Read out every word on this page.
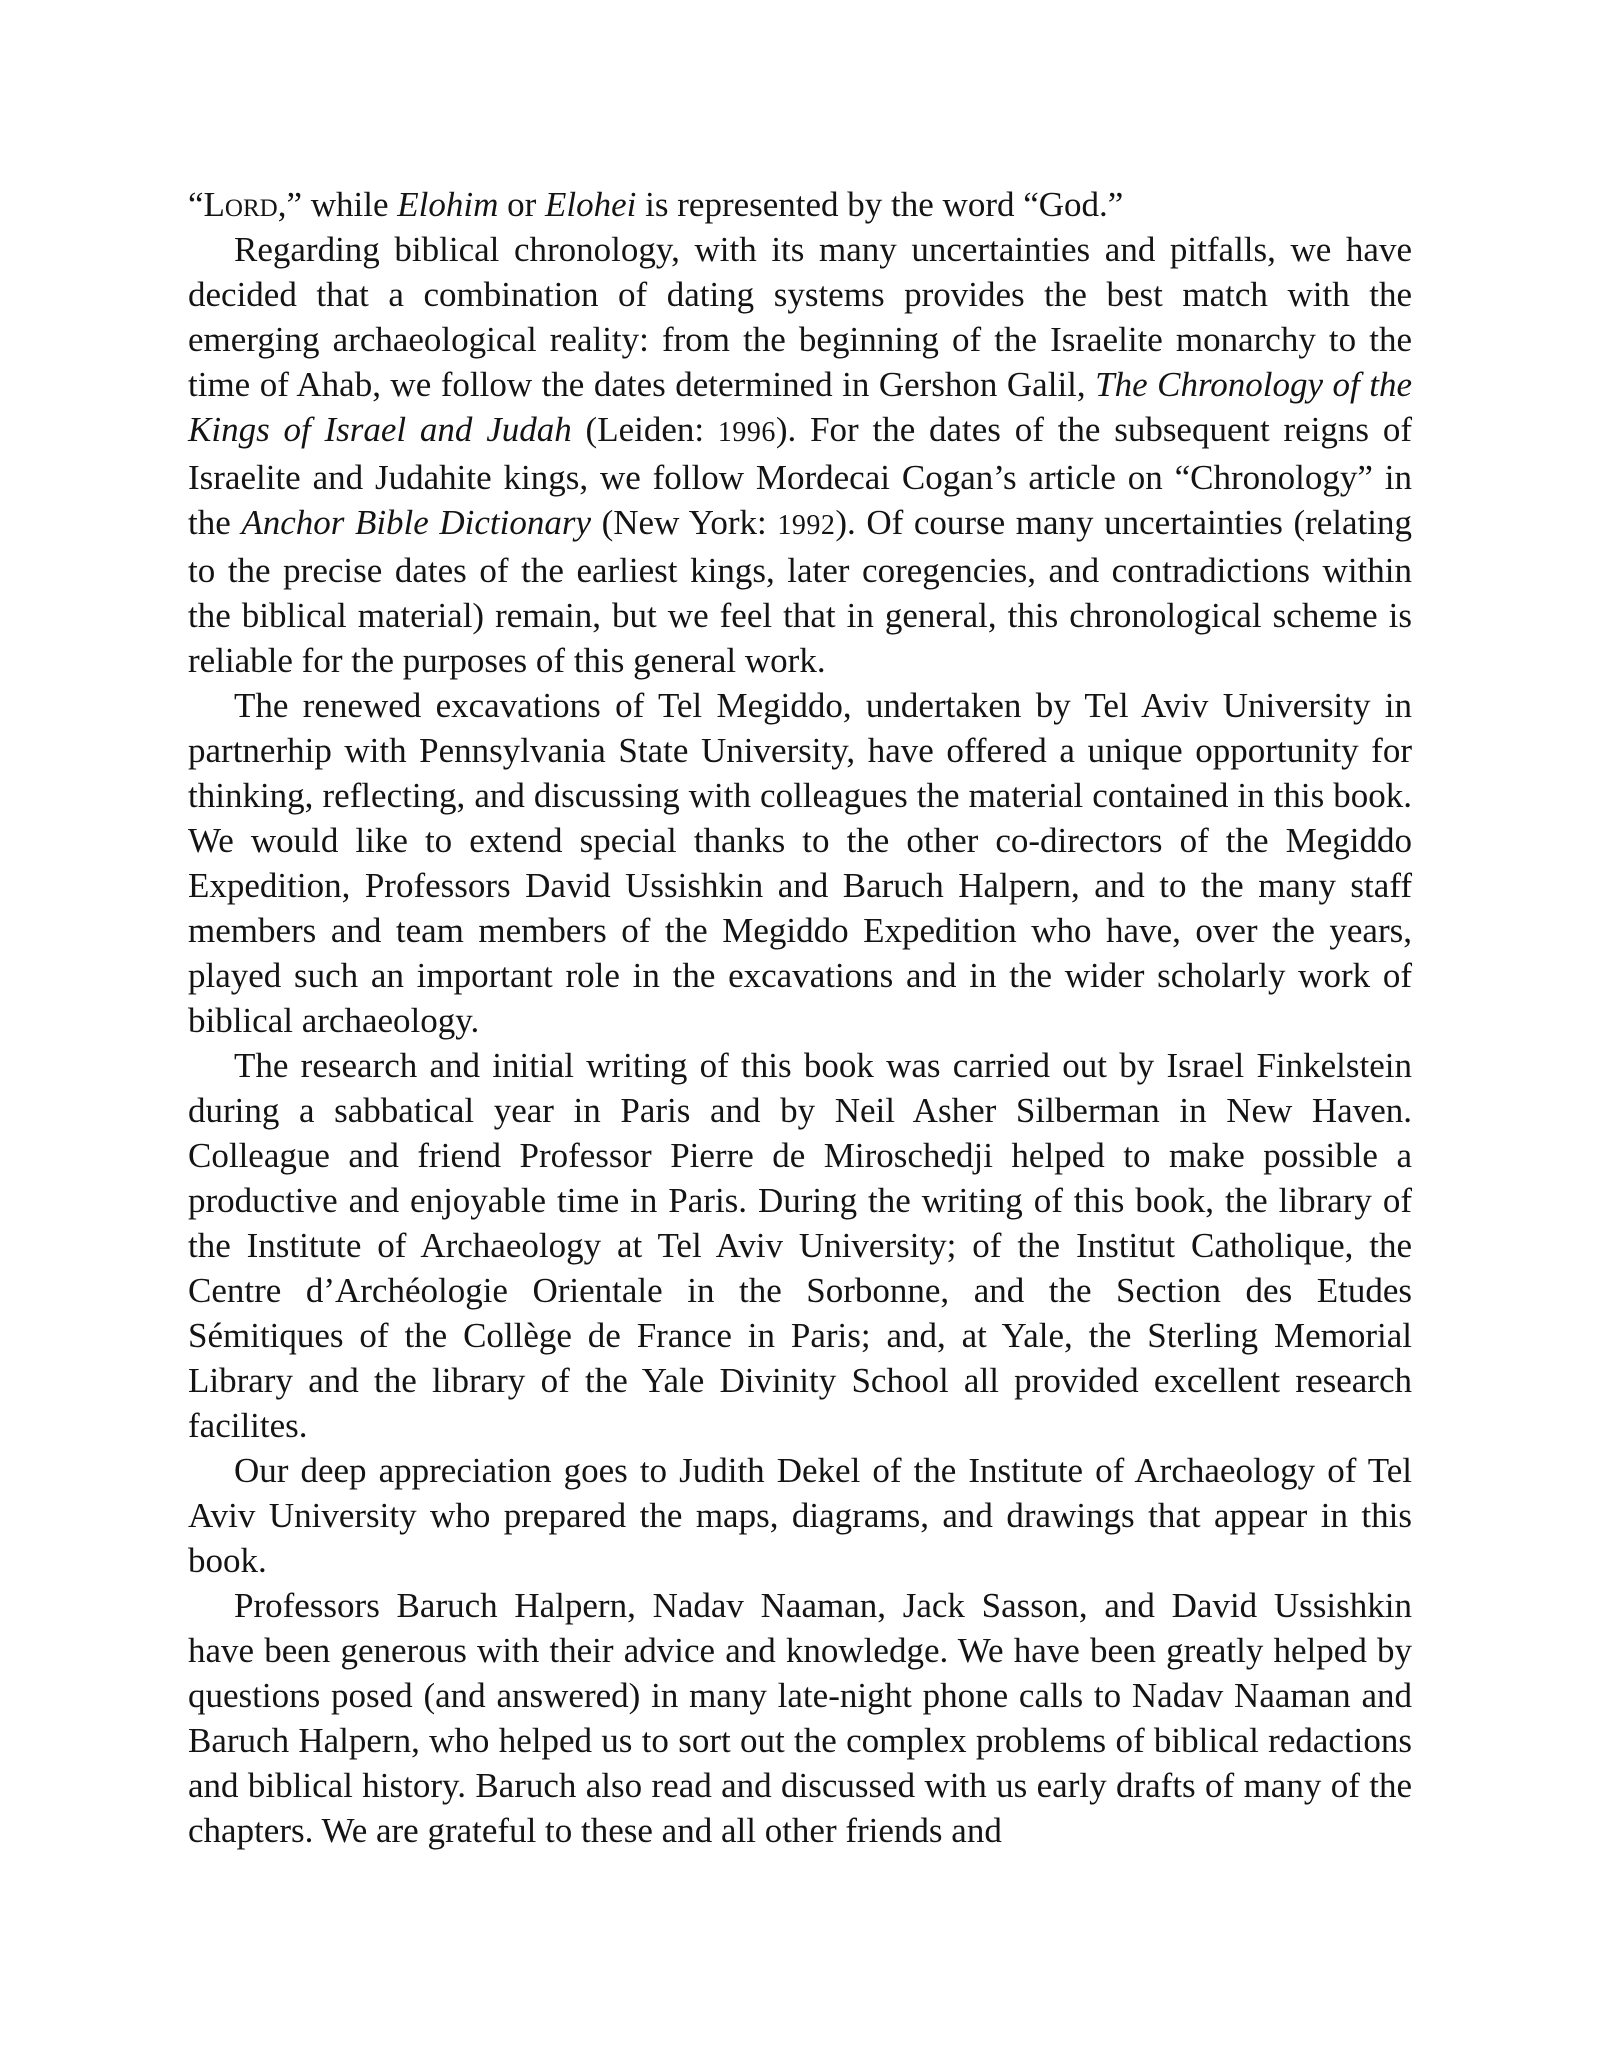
“Lord,” while Elohim or Elohei is represented by the word “God.”

Regarding biblical chronology, with its many uncertainties and pitfalls, we have decided that a combination of dating systems provides the best match with the emerging archaeological reality: from the beginning of the Israelite monarchy to the time of Ahab, we follow the dates determined in Gershon Galil, The Chronology of the Kings of Israel and Judah (Leiden: 1996). For the dates of the subsequent reigns of Israelite and Judahite kings, we follow Mordecai Cogan’s article on “Chronology” in the Anchor Bible Dictionary (New York: 1992). Of course many uncertainties (relating to the precise dates of the earliest kings, later coregencies, and contradictions within the biblical material) remain, but we feel that in general, this chronological scheme is reliable for the purposes of this general work.

The renewed excavations of Tel Megiddo, undertaken by Tel Aviv University in partnerhip with Pennsylvania State University, have offered a unique opportunity for thinking, reflecting, and discussing with colleagues the material contained in this book. We would like to extend special thanks to the other co-directors of the Megiddo Expedition, Professors David Ussishkin and Baruch Halpern, and to the many staff members and team members of the Megiddo Expedition who have, over the years, played such an important role in the excavations and in the wider scholarly work of biblical archaeology.

The research and initial writing of this book was carried out by Israel Finkelstein during a sabbatical year in Paris and by Neil Asher Silberman in New Haven. Colleague and friend Professor Pierre de Miroschedji helped to make possible a productive and enjoyable time in Paris. During the writing of this book, the library of the Institute of Archaeology at Tel Aviv University; of the Institut Catholique, the Centre d’Archéologie Orientale in the Sorbonne, and the Section des Etudes Sémitiques of the Collège de France in Paris; and, at Yale, the Sterling Memorial Library and the library of the Yale Divinity School all provided excellent research facilites.

Our deep appreciation goes to Judith Dekel of the Institute of Archaeology of Tel Aviv University who prepared the maps, diagrams, and drawings that appear in this book.

Professors Baruch Halpern, Nadav Naaman, Jack Sasson, and David Ussishkin have been generous with their advice and knowledge. We have been greatly helped by questions posed (and answered) in many late-night phone calls to Nadav Naaman and Baruch Halpern, who helped us to sort out the complex problems of biblical redactions and biblical history. Baruch also read and discussed with us early drafts of many of the chapters. We are grateful to these and all other friends and
